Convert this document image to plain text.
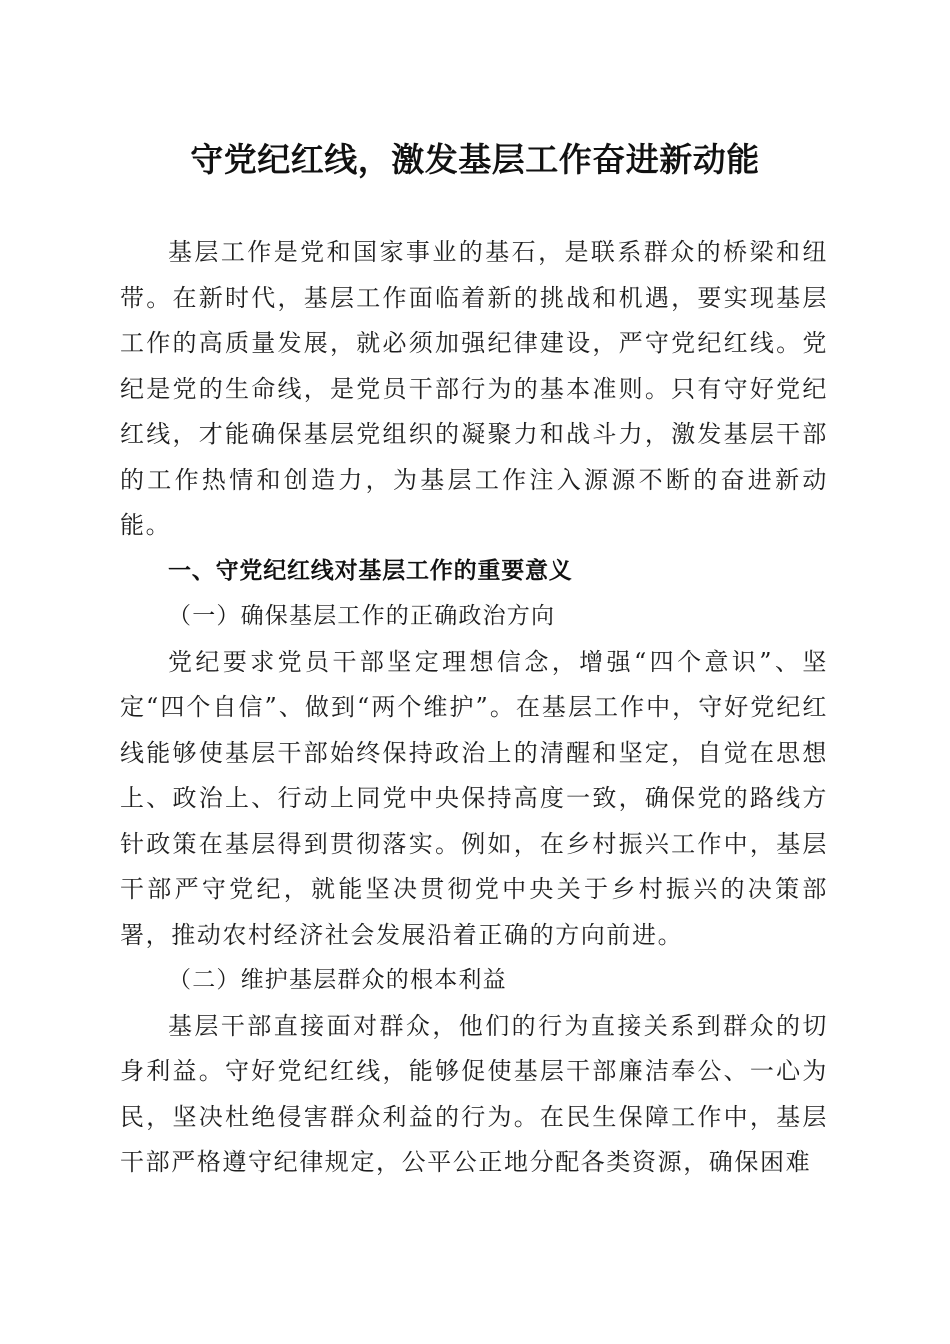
守党纪红线，激发基层工作奋进新动能

基层工作是党和国家事业的基石，是联系群众的桥梁和纽带。在新时代，基层工作面临着新的挑战和机遇，要实现基层工作的高质量发展，就必须加强纪律建设，严守党纪红线。党纪是党的生命线，是党员干部行为的基本准则。只有守好党纪红线，才能确保基层党组织的凝聚力和战斗力，激发基层干部的工作热情和创造力，为基层工作注入源源不断的奋进新动能。

一、守党纪红线对基层工作的重要意义

（一）确保基层工作的正确政治方向

党纪要求党员干部坚定理想信念，增强“四个意识”、坚定“四个自信”、做到“两个维护”。在基层工作中，守好党纪红线能够使基层干部始终保持政治上的清醒和坚定，自觉在思想上、政治上、行动上同党中央保持高度一致，确保党的路线方针政策在基层得到贯彻落实。例如，在乡村振兴工作中，基层干部严守党纪，就能坚决贯彻党中央关于乡村振兴的决策部署，推动农村经济社会发展沿着正确的方向前进。

（二）维护基层群众的根本利益

基层干部直接面对群众，他们的行为直接关系到群众的切身利益。守好党纪红线，能够促使基层干部廉洁奉公、一心为民，坚决杜绝侵害群众利益的行为。在民生保障工作中，基层干部严格遵守纪律规定，公平公正地分配各类资源，确保困难
